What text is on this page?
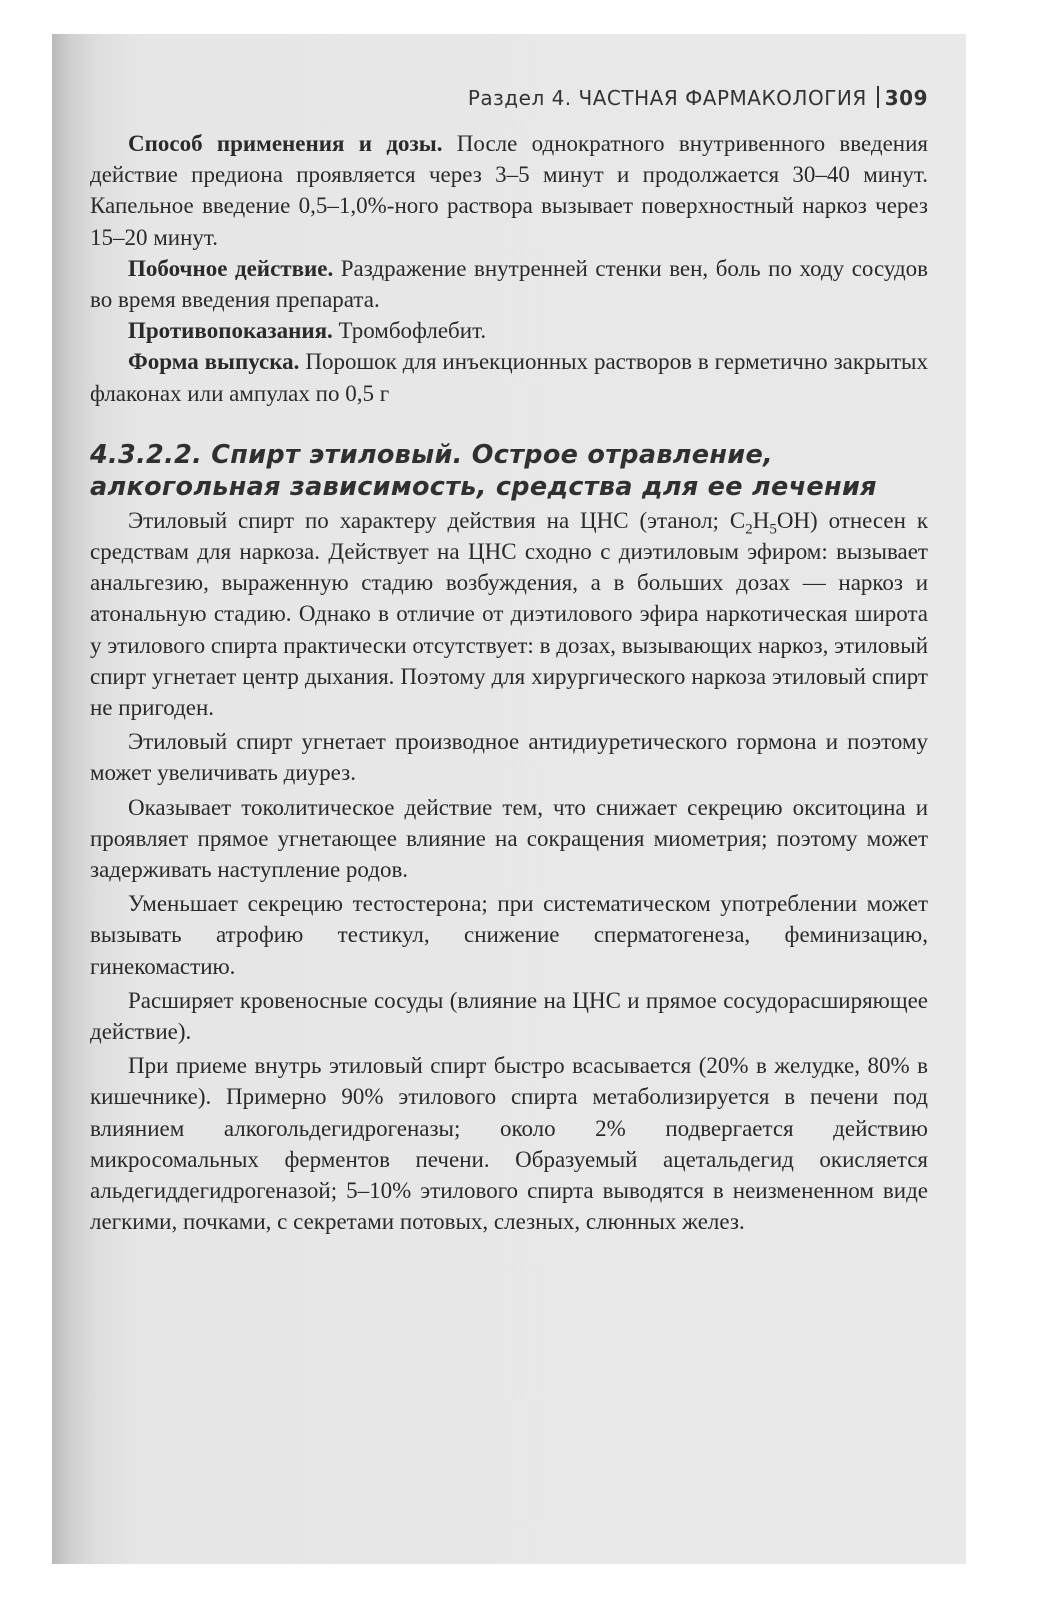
Раздел 4. ЧАСТНАЯ ФАРМАКОЛОГИЯ 309

Способ применения и дозы. После однократного внутривенного введения действие предиона проявляется через 3–5 минут и продолжается 30–40 минут. Капельное введение 0,5–1,0%-ного раствора вызывает поверхностный наркоз через 15–20 минут.

Побочное действие. Раздражение внутренней стенки вен, боль по ходу сосудов во время введения препарата.

Противопоказания. Тромбофлебит.

Форма выпуска. Порошок для инъекционных растворов в герметично закрытых флаконах или ампулах по 0,5 г

4.3.2.2. Спирт этиловый. Острое отравление,
алкогольная зависимость, средства для ее лечения

Этиловый спирт по характеру действия на ЦНС (этанол; $C_2H_5OH$) отнесен к средствам для наркоза. Действует на ЦНС сходно с диэтиловым эфиром: вызывает анальгезию, выраженную стадию возбуждения, а в больших дозах — наркоз и атональную стадию. Однако в отличие от диэтилового эфира наркотическая широта у этилового спирта практически отсутствует: в дозах, вызывающих наркоз, этиловый спирт угнетает центр дыхания. Поэтому для хирургического наркоза этиловый спирт не пригоден.

Этиловый спирт угнетает производное антидиуретического гормона и поэтому может увеличивать диурез.

Оказывает токолитическое действие тем, что снижает секрецию окситоцина и проявляет прямое угнетающее влияние на сокращения миометрия; поэтому может задерживать наступление родов.

Уменьшает секрецию тестостерона; при систематическом употреблении может вызывать атрофию тестикул, снижение сперматогенеза, феминизацию, гинекомастию.

Расширяет кровеносные сосуды (влияние на ЦНС и прямое сосудорасширяющее действие).

При приеме внутрь этиловый спирт быстро всасывается (20% в желудке, 80% в кишечнике). Примерно 90% этилового спирта метаболизируется в печени под влиянием алкогольдегидрогеназы; около 2% подвергается действию микросомальных ферментов печени. Образуемый ацетальдегид окисляется альдегиддегидрогеназой; 5–10% этилового спирта выводятся в неизмененном виде легкими, почками, с секретами потовых, слезных, слюнных желез.
